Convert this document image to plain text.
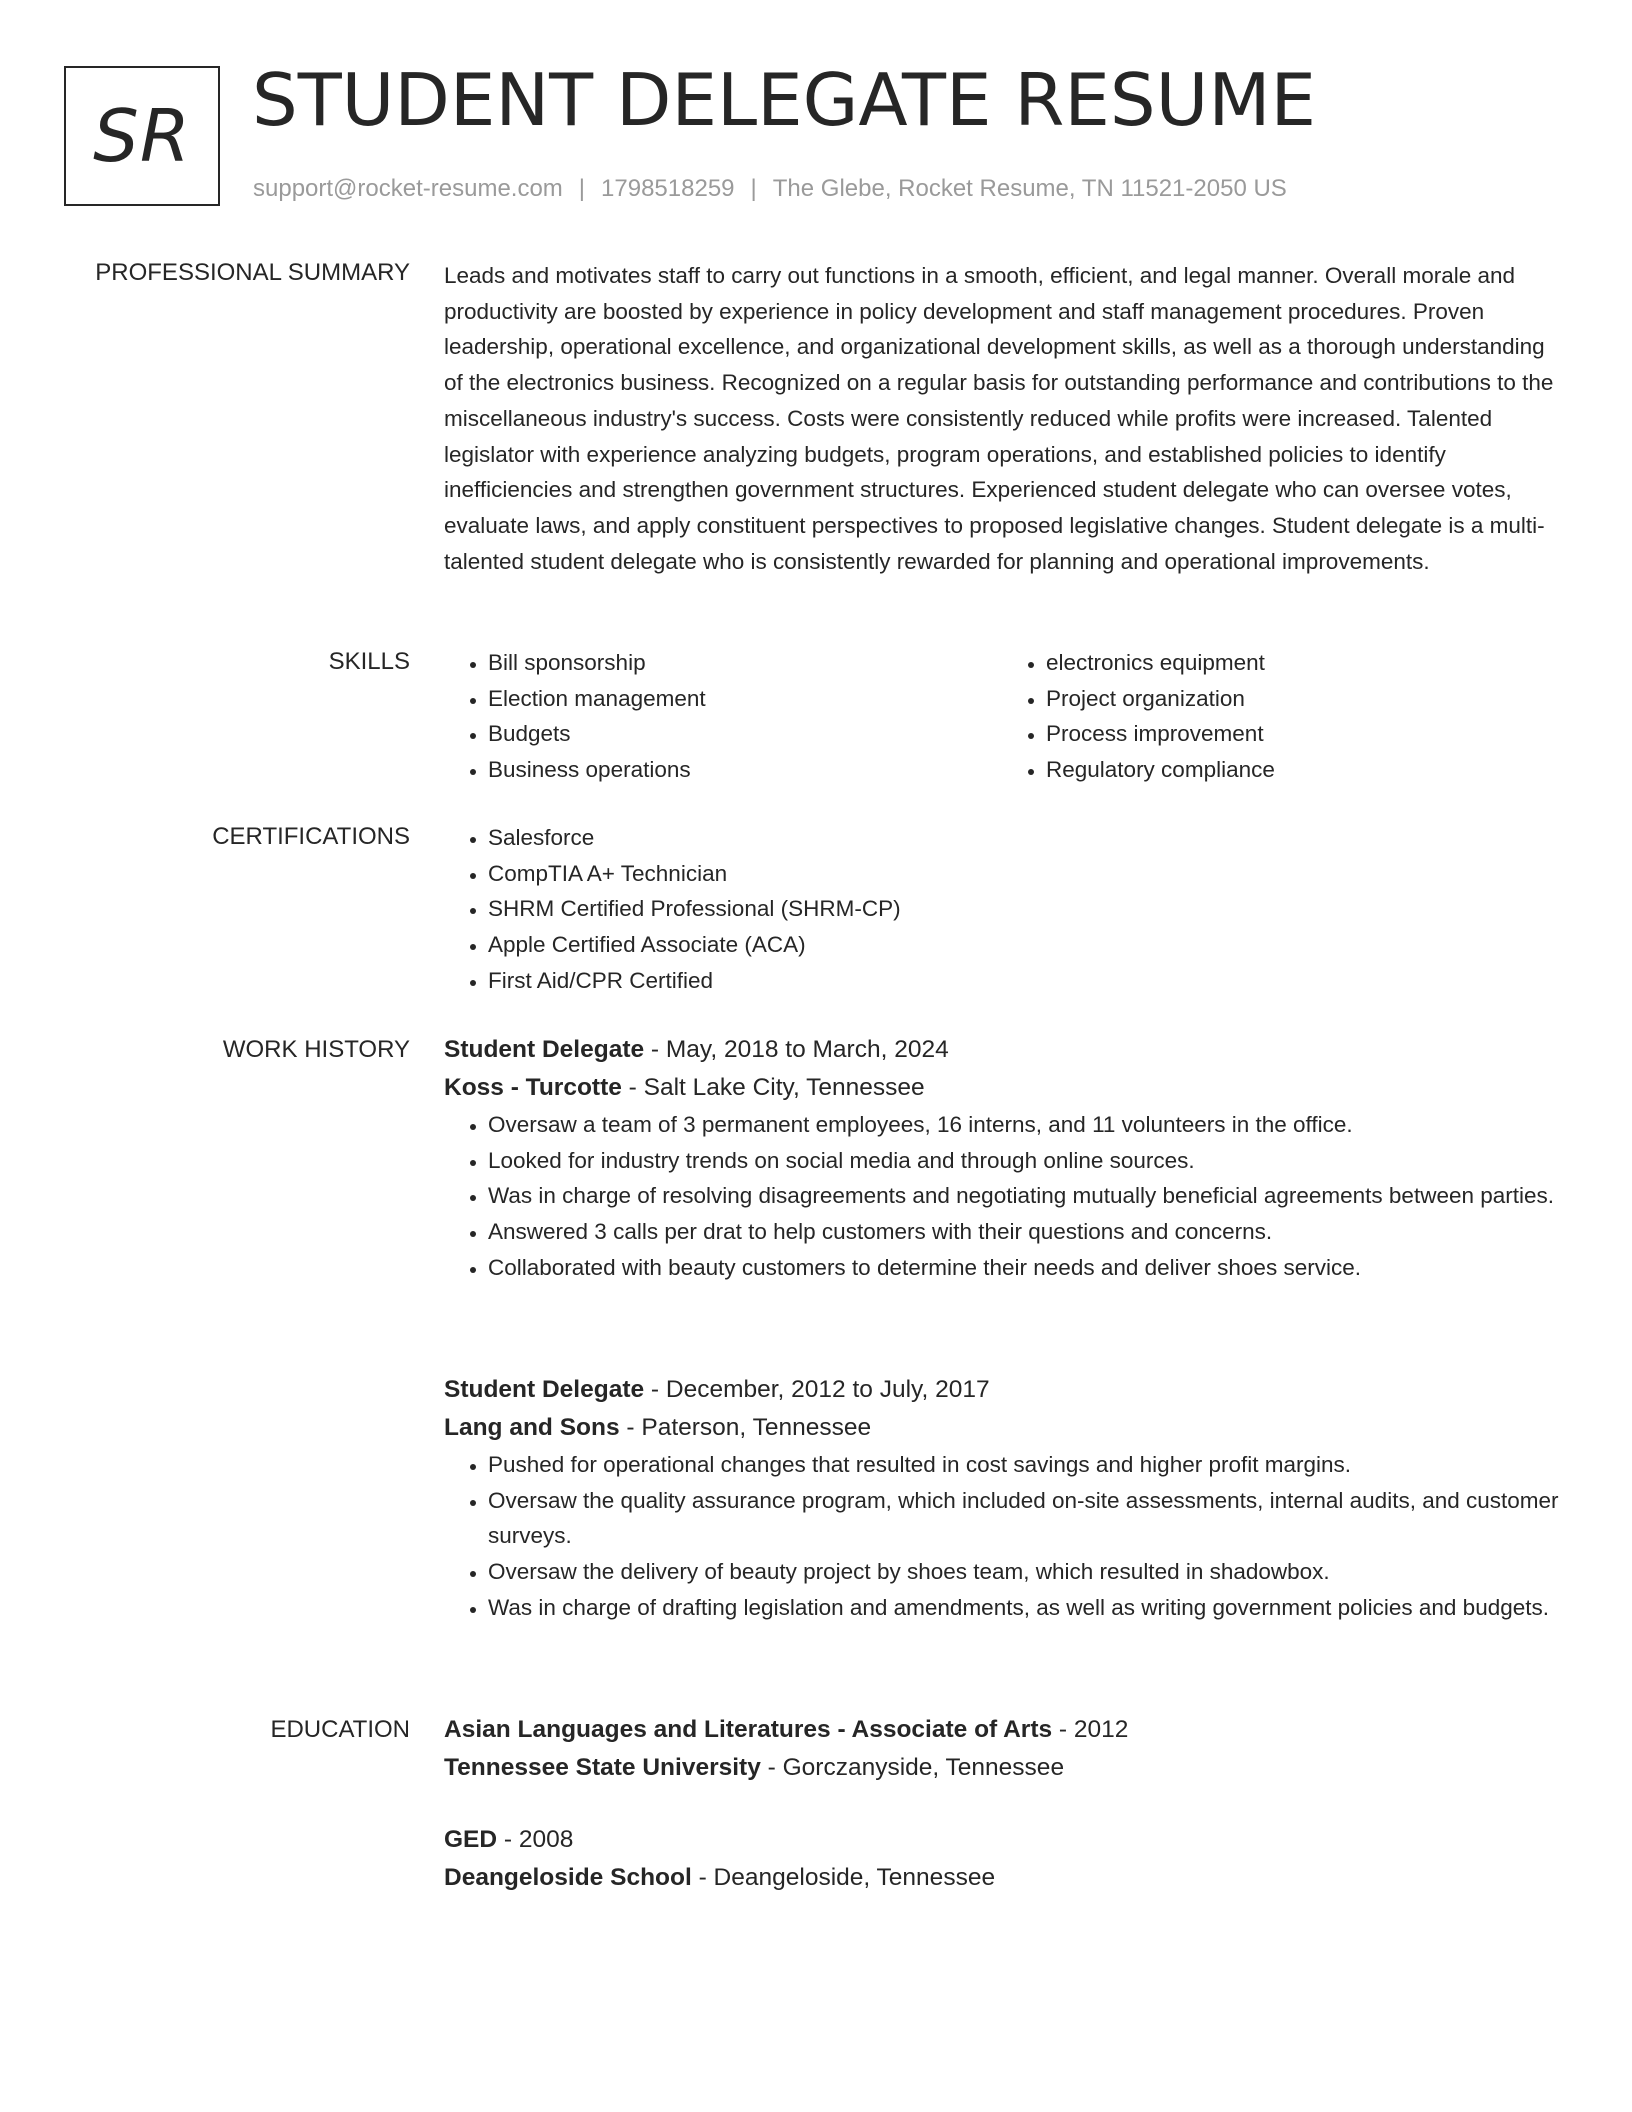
SR STUDENT DELEGATE RESUME
support@rocket-resume.com | 1798518259 | The Glebe, Rocket Resume, TN 11521-2050 US
PROFESSIONAL SUMMARY Leads and motivates staff to carry out functions in a smooth, efficient, and legal manner. Overall morale and productivity are boosted by experience in policy development and staff management procedures. Proven leadership, operational excellence, and organizational development skills, as well as a thorough understanding of the electronics business. Recognized on a regular basis for outstanding performance and contributions to the miscellaneous industry's success. Costs were consistently reduced while profits were increased. Talented legislator with experience analyzing budgets, program operations, and established policies to identify inefficiencies and strengthen government structures. Experienced student delegate who can oversee votes, evaluate laws, and apply constituent perspectives to proposed legislative changes. Student delegate is a multi-talented student delegate who is consistently rewarded for planning and operational improvements.

SKILLS	• Bill sponsorship
• Election management
• Budgets
• Business operations
• electronics equipment
• Project organization
• Process improvement
• Regulatory compliance
CERTIFICATIONS	• Salesforce
• CompTIA A+ Technician
• SHRM Certified Professional (SHRM-CP)
• Apple Certified Associate (ACA)
• First Aid/CPR Certified
WORK HISTORY Student Delegate - May, 2018 to March, 2024
Koss - Turcotte - Salt Lake City, Tennessee
• Oversaw a team of 3 permanent employees, 16 interns, and 11 volunteers in the office.
• Looked for industry trends on social media and through online sources.
• Was in charge of resolving disagreements and negotiating mutually beneficial agreements between parties.
• Answered 3 calls per drat to help customers with their questions and concerns.
• Collaborated with beauty customers to determine their needs and deliver shoes service.
Student Delegate - December, 2012 to July, 2017
Lang and Sons - Paterson, Tennessee
• Pushed for operational changes that resulted in cost savings and higher profit margins.
• Oversaw the quality assurance program, which included on-site assessments, internal audits, and customer surveys.
• Oversaw the delivery of beauty project by shoes team, which resulted in shadowbox.
• Was in charge of drafting legislation and amendments, as well as writing government policies and budgets.
EDUCATION Asian Languages and Literatures - Associate of Arts - 2012
Tennessee State University - Gorczanyside, Tennessee
GED - 2008
Deangeloside School - Deangeloside, Tennessee
